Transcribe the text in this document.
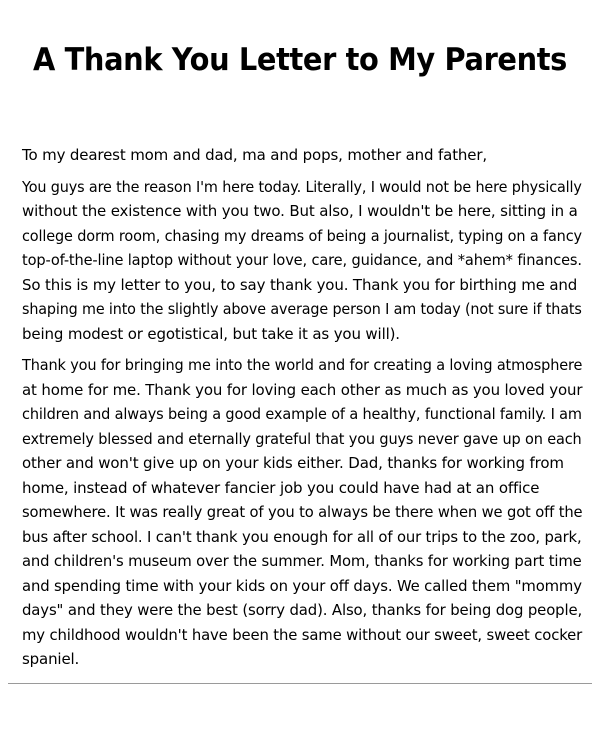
A Thank You Letter to My Parents

To my dearest mom and dad, ma and pops, mother and father,

You guys are the reason I'm here today. Literally, I would not be here physically
without the existence with you two. But also, I wouldn't be here, sitting in a
college dorm room, chasing my dreams of being a journalist, typing on a fancy
top-of-the-line laptop without your love, care, guidance, and *ahem* finances.
So this is my letter to you, to say thank you. Thank you for birthing me and
shaping me into the slightly above average person I am today (not sure if thats
being modest or egotistical, but take it as you will).

Thank you for bringing me into the world and for creating a loving atmosphere
at home for me. Thank you for loving each other as much as you loved your
children and always being a good example of a healthy, functional family. I am
extremely blessed and eternally grateful that you guys never gave up on each
other and won't give up on your kids either. Dad, thanks for working from
home, instead of whatever fancier job you could have had at an office
somewhere. It was really great of you to always be there when we got off the
bus after school. I can't thank you enough for all of our trips to the zoo, park,
and children's museum over the summer. Mom, thanks for working part time
and spending time with your kids on your off days. We called them "mommy
days" and they were the best (sorry dad). Also, thanks for being dog people,
my childhood wouldn't have been the same without our sweet, sweet cocker
spaniel.
